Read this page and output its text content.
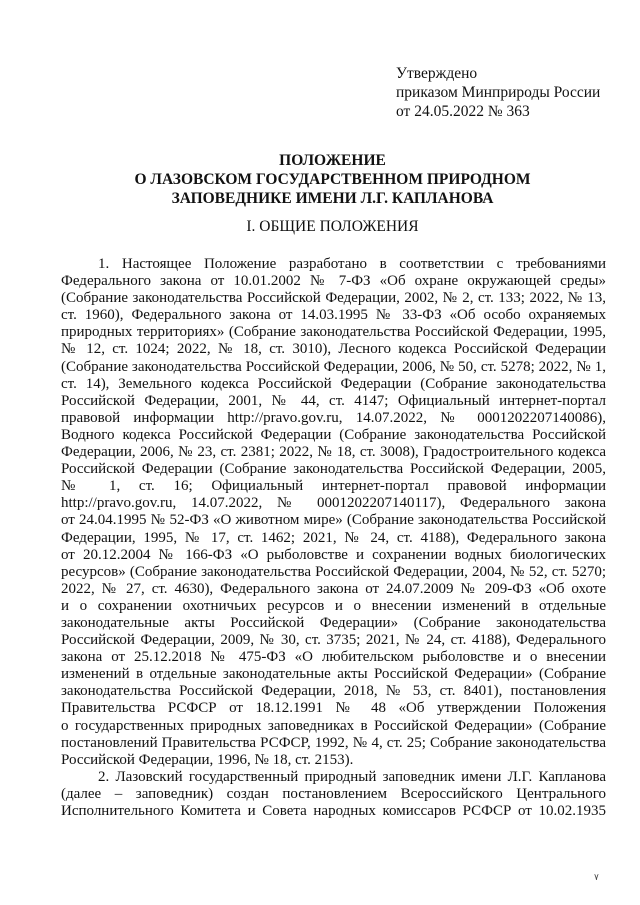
Утверждено
приказом Минприроды России
от 24.05.2022 № 363
ПОЛОЖЕНИЕ
О ЛАЗОВСКОМ ГОСУДАРСТВЕННОМ ПРИРОДНОМ
ЗАПОВЕДНИКЕ ИМЕНИ Л.Г. КАПЛАНОВА
I. ОБЩИЕ ПОЛОЖЕНИЯ
1. Настоящее Положение разработано в соответствии с требованиями
Федерального закона от 10.01.2002 № 7-ФЗ «Об охране окружающей среды»
(Собрание законодательства Российской Федерации, 2002, № 2, ст. 133; 2022, № 13,
ст. 1960), Федерального закона от 14.03.1995 № 33-ФЗ «Об особо охраняемых
природных территориях» (Собрание законодательства Российской Федерации, 1995,
№ 12, ст. 1024; 2022, № 18, ст. 3010), Лесного кодекса Российской Федерации
(Собрание законодательства Российской Федерации, 2006, № 50, ст. 5278; 2022, № 1,
ст. 14), Земельного кодекса Российской Федерации (Собрание законодательства
Российской Федерации, 2001, № 44, ст. 4147; Официальный интернет-портал
правовой информации http://pravo.gov.ru, 14.07.2022, № 0001202207140086),
Водного кодекса Российской Федерации (Собрание законодательства Российской
Федерации, 2006, № 23, ст. 2381; 2022, № 18, ст. 3008), Градостроительного кодекса
Российской Федерации (Собрание законодательства Российской Федерации, 2005,
№ 1, ст. 16; Официальный интернет-портал правовой информации
http://pravo.gov.ru, 14.07.2022, № 0001202207140117), Федерального закона
от 24.04.1995 № 52-ФЗ «О животном мире» (Собрание законодательства Российской
Федерации, 1995, № 17, ст. 1462; 2021, № 24, ст. 4188), Федерального закона
от 20.12.2004 № 166-ФЗ «О рыболовстве и сохранении водных биологических
ресурсов» (Собрание законодательства Российской Федерации, 2004, № 52, ст. 5270;
2022, № 27, ст. 4630), Федерального закона от 24.07.2009 № 209-ФЗ «Об охоте
и о сохранении охотничьих ресурсов и о внесении изменений в отдельные
законодательные акты Российской Федерации» (Собрание законодательства
Российской Федерации, 2009, № 30, ст. 3735; 2021, № 24, ст. 4188), Федерального
закона от 25.12.2018 № 475-ФЗ «О любительском рыболовстве и о внесении
изменений в отдельные законодательные акты Российской Федерации» (Собрание
законодательства Российской Федерации, 2018, № 53, ст. 8401), постановления
Правительства РСФСР от 18.12.1991 № 48 «Об утверждении Положения
о государственных природных заповедниках в Российской Федерации» (Собрание
постановлений Правительства РСФСР, 1992, № 4, ст. 25; Собрание законодательства
Российской Федерации, 1996, № 18, ст. 2153).
2. Лазовский государственный природный заповедник имени Л.Г. Капланова
(далее – заповедник) создан постановлением Всероссийского Центрального
Исполнительного Комитета и Совета народных комиссаров РСФСР от 10.02.1935
٧
